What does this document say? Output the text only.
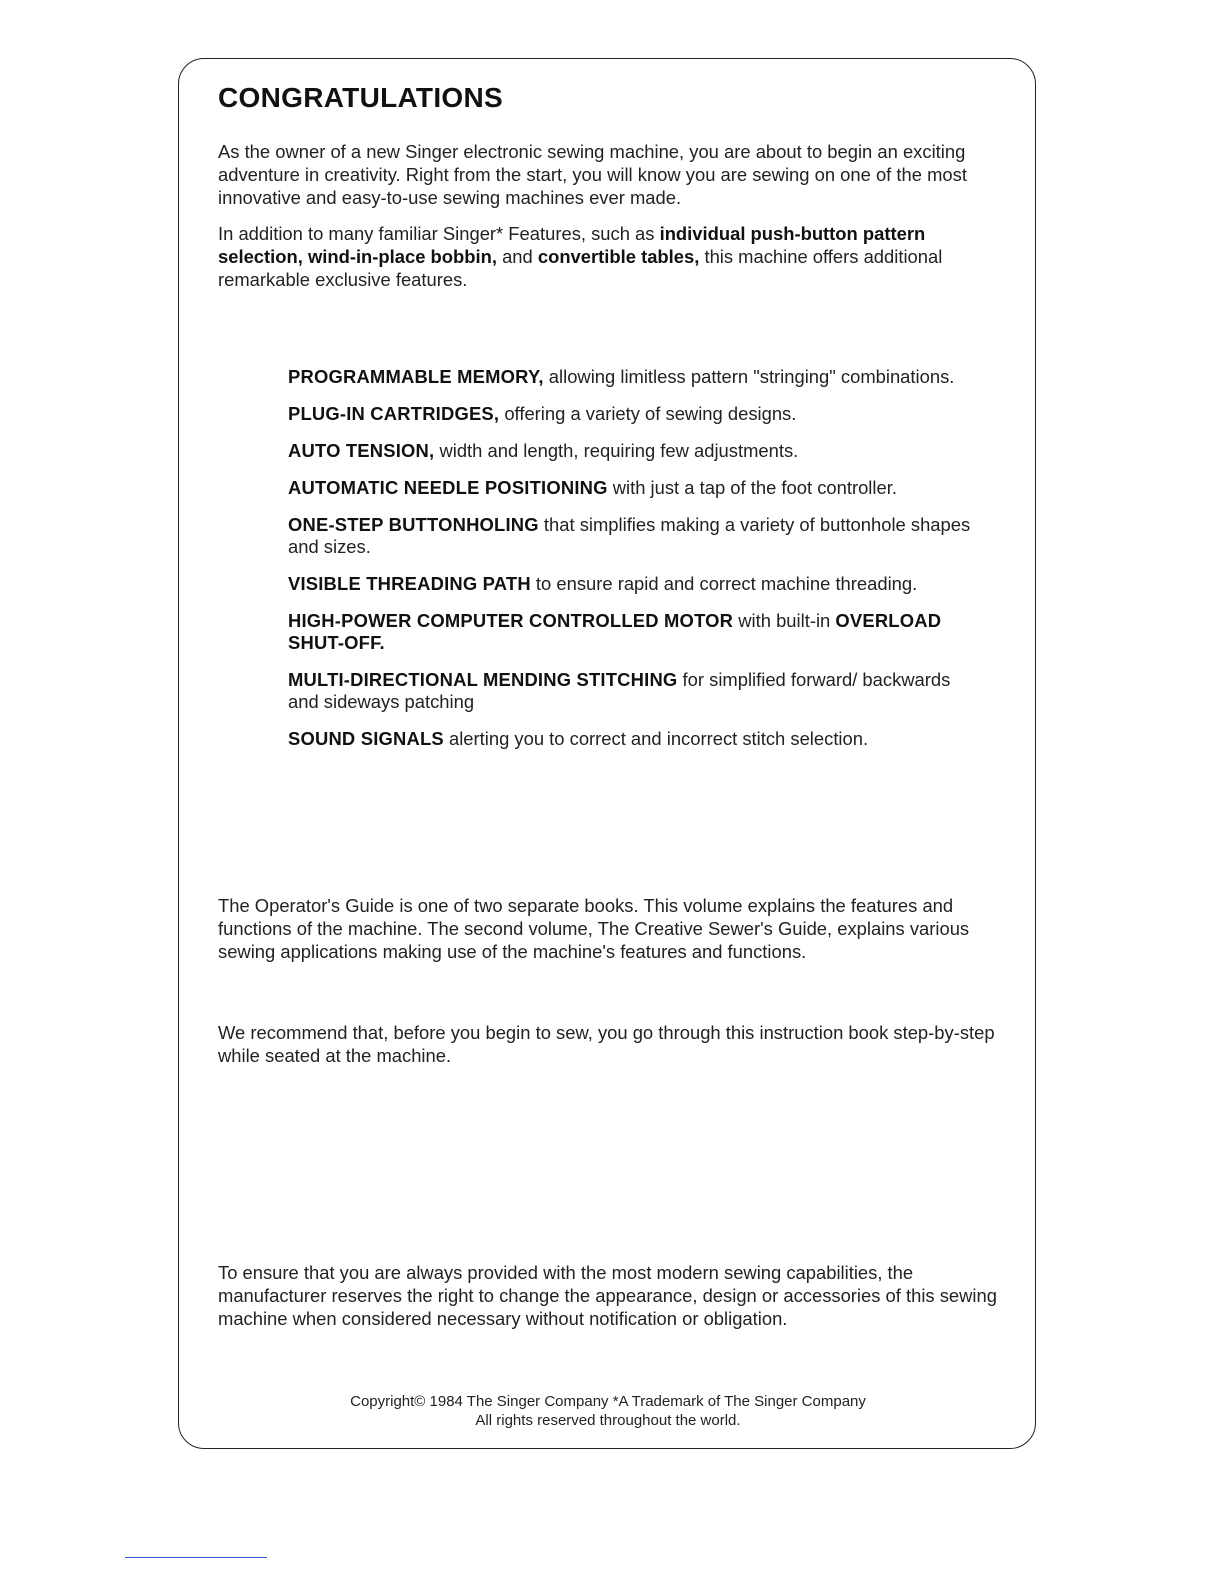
CONGRATULATIONS

As the owner of a new Singer electronic sewing machine, you are about to begin an exciting adventure in creativity. Right from the start, you will know you are sewing on one of the most innovative and easy-to-use sewing machines ever made.

In addition to many familiar Singer* Features, such as individual push-button pattern selection, wind-in-place bobbin, and convertible tables, this machine offers additional remarkable exclusive features.

PROGRAMMABLE MEMORY, allowing limitless pattern "stringing" combinations.
PLUG-IN CARTRIDGES, offering a variety of sewing designs.
AUTO TENSION, width and length, requiring few adjustments.
AUTOMATIC NEEDLE POSITIONING with just a tap of the foot controller.
ONE-STEP BUTTONHOLING that simplifies making a variety of buttonhole shapes and sizes.
VISIBLE THREADING PATH to ensure rapid and correct machine threading.
HIGH-POWER COMPUTER CONTROLLED MOTOR with built-in OVERLOAD SHUT-OFF.
MULTI-DIRECTIONAL MENDING STITCHING for simplified forward/ backwards and sideways patching
SOUND SIGNALS alerting you to correct and incorrect stitch selection.

The Operator's Guide is one of two separate books. This volume explains the features and functions of the machine. The second volume, The Creative Sewer's Guide, explains various sewing applications making use of the machine's features and functions.

We recommend that, before you begin to sew, you go through this instruction book step-by-step while seated at the machine.

To ensure that you are always provided with the most modern sewing capabilities, the manufacturer reserves the right to change the appearance, design or accessories of this sewing machine when considered necessary without notification or obligation.

Copyright© 1984 The Singer Company *A Trademark of The Singer Company
All rights reserved throughout the world.
